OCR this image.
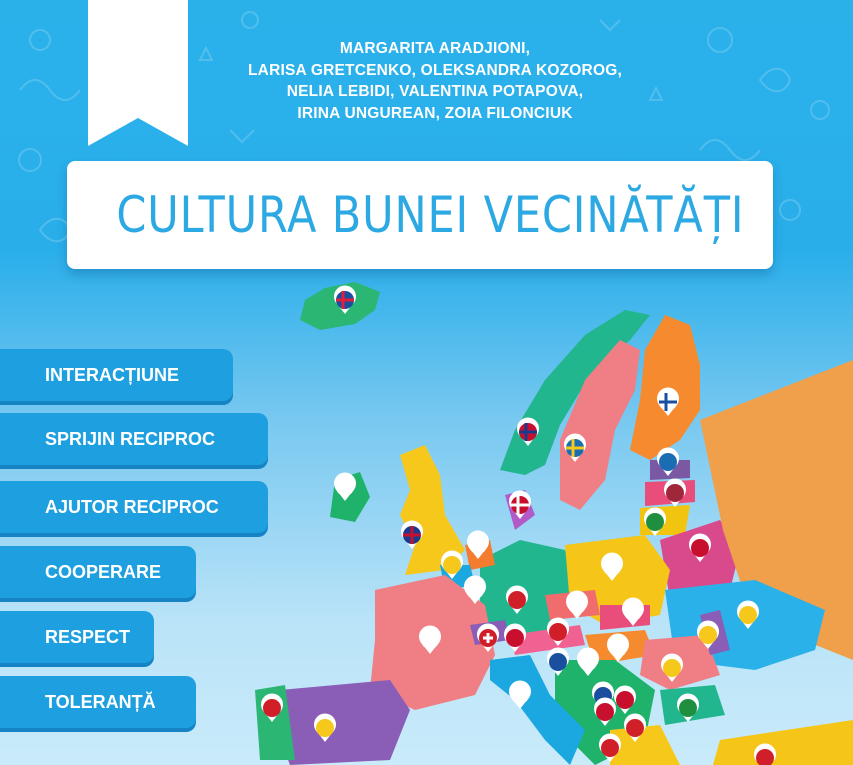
MARGARITA ARADJIONI,
LARISA GRETCENKO, OLEKSANDRA KOZOROG,
NELIA LEBIDI, VALENTINA POTAPOVA,
IRINA UNGUREAN, ZOIA FILONCIUK
CULTURA BUNEI VECINĂTĂȚI
INTERACȚIUNE
SPRIJIN RECIPROC
AJUTOR RECIPROC
COOPERARE
RESPECT
TOLERANȚĂ
